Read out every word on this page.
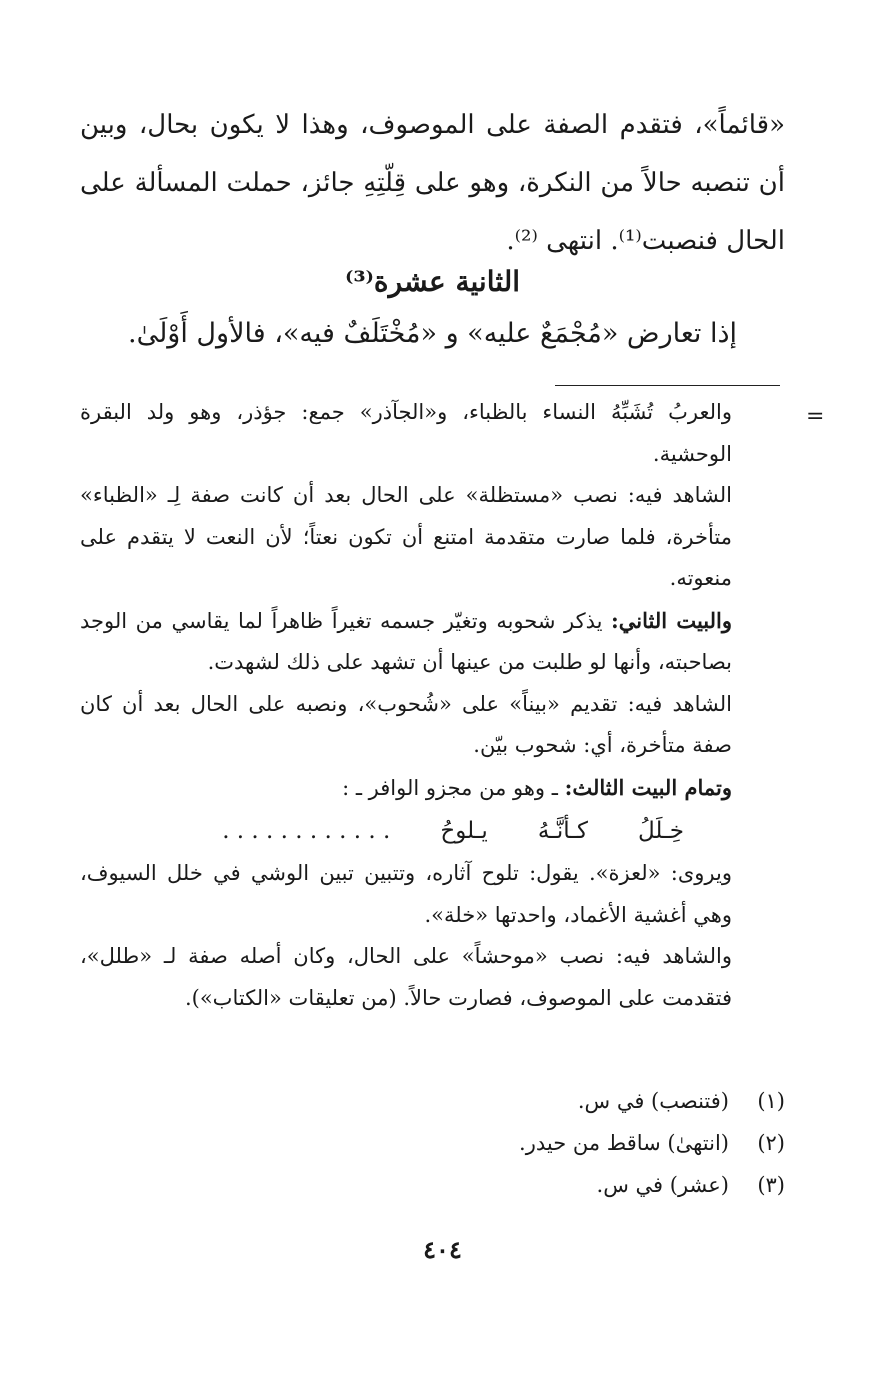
«قائماً»، فتقدم الصفة على الموصوف، وهذا لا يكون بحال، وبين أن تنصبه حالاً من النكرة، وهو على قِلّتِهِ جائز، حملت المسألة على الحال فنصبت⁽¹⁾. انتهى ⁽²⁾.
الثانية عشرة⁽³⁾
إذا تعارض «مُجْمَعٌ عليه» و «مُخْتَلَفٌ فيه»، فالأول أَوْلَىٰ.
=

والعربُ تُشَبِّهُ النساء بالظباء، و«الجآذر» جمع: جؤذر، وهو ولد البقرة الوحشية.

الشاهد فيه: نصب «مستظلة» على الحال بعد أن كانت صفة لِـ «الظباء» متأخرة، فلما صارت متقدمة امتنع أن تكون نعتاً؛ لأن النعت لا يتقدم على منعوته.

والبيت الثاني: يذكر شحوبه وتغيّر جسمه تغيراً ظاهراً لما يقاسي من الوجد بصاحبته، وأنها لو طلبت من عينها أن تشهد على ذلك لشهدت.

الشاهد فيه: تقديم «بيناً» على «شُحوب»، ونصبه على الحال بعد أن كان صفة متأخرة، أي: شحوب بيّن.

وتمام البيت الثالث: ـ وهو من مجزو الوافر ـ :

خِـلَلُ
كـأنَّـهُ
يـلوحُ
. . . . . . . . . . . .

ويروى: «لعزة». يقول: تلوح آثاره، وتتبين تبين الوشي في خلل السيوف، وهي أغشية الأغماد، واحدتها «خلة».

والشاهد فيه: نصب «موحشاً» على الحال، وكان أصله صفة لـ «طلل»، فتقدمت على الموصوف، فصارت حالاً. (من تعليقات «الكتاب»).

(١)
(فتنصب) في س.
(٢)
(انتهىٰ) ساقط من حيدر.
(٣)
(عشر) في س.
٤٠٤
